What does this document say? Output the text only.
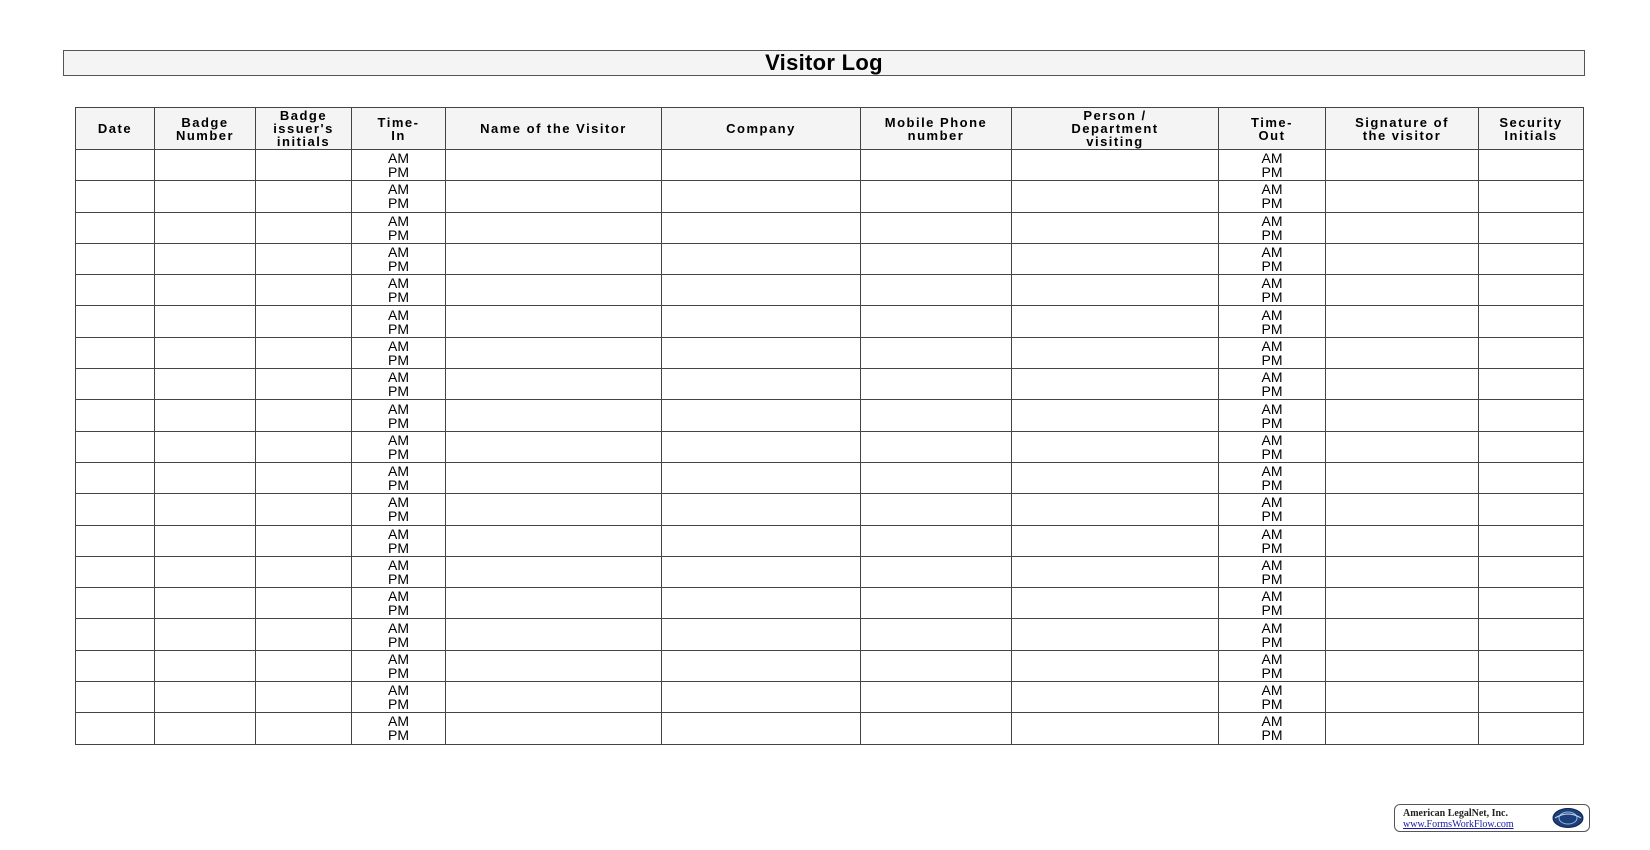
Visitor Log
Date	Badge
Number	Badge
issuer's
initials	Time-
In	Name of the Visitor	Company	Mobile Phone
number	Person /
Department
visiting	Time-
Out	Signature of
the visitor	Security
Initials

			AM
PM					AM
PM		

			AM
PM					AM
PM		

			AM
PM					AM
PM		

			AM
PM					AM
PM		

			AM
PM					AM
PM		

			AM
PM					AM
PM		

			AM
PM					AM
PM		

			AM
PM					AM
PM		

			AM
PM					AM
PM		

			AM
PM					AM
PM		

			AM
PM					AM
PM		

			AM
PM					AM
PM		

			AM
PM					AM
PM		

			AM
PM					AM
PM		

			AM
PM					AM
PM		

			AM
PM					AM
PM		

			AM
PM					AM
PM		

			AM
PM					AM
PM		

			AM
PM					AM
PM		

American LegalNet, Inc.
www.FormsWorkFlow.com
